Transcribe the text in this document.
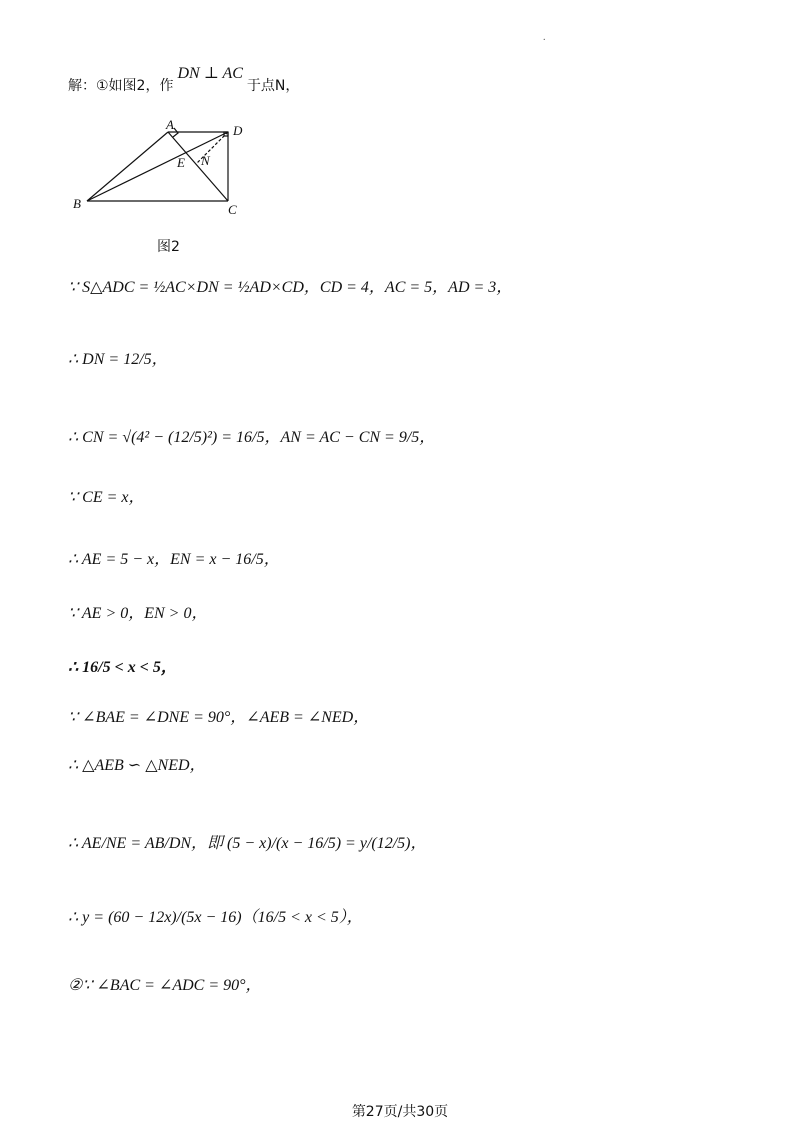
.
解：①如图2，作 DN ⊥ AC 于点N，
A
B	C
D
E N
图2
∵ S△ADC = ½AC×DN = ½AD×CD，CD = 4，AC = 5，AD = 3，
∴ DN = 12/5，
∴ CN = √(4² − (12/5)²) = 16/5，AN = AC − CN = 9/5，
∵ CE = x，
∴ AE = 5 − x，EN = x − 16/5，
∵ AE > 0，EN > 0，
∴ 16/5 < x < 5，
∵ ∠BAE = ∠DNE = 90°，∠AEB = ∠NED，
∴ △AEB ∽ △NED，
∴ AE/NE = AB/DN，即 (5 − x)/(x − 16/5) = y/(12/5)，
∴ y = (60 − 12x)/(5x − 16)（16/5 < x < 5），
②∵ ∠BAC = ∠ADC = 90°，
第27页/共30页
